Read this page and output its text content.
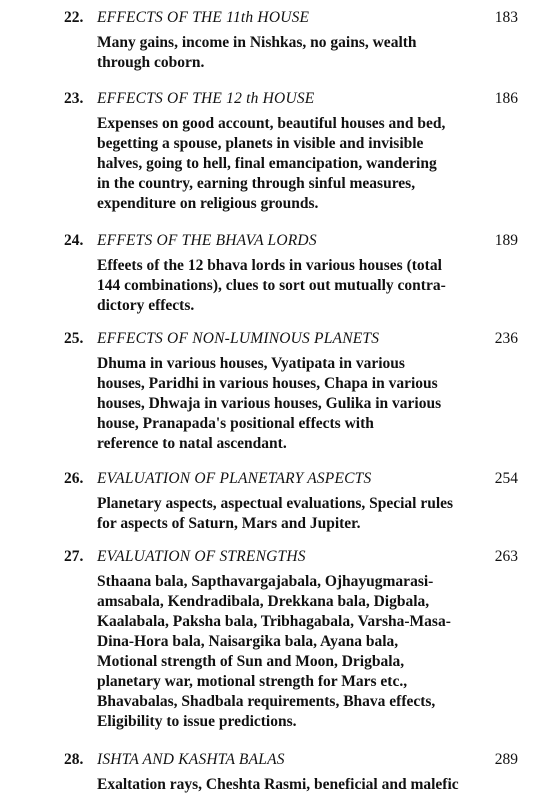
22. EFFECTS OF THE 11th HOUSE	183
Many gains, income in Nishkas, no gains, wealth
through coborn.
23. EFFECTS OF THE 12 th HOUSE	186
Expenses on good account, beautiful houses and bed,
begetting a spouse, planets in visible and invisible
halves, going to hell, final emancipation, wandering
in the country, earning through sinful measures,
expenditure on religious grounds.
24. EFFETS OF THE BHAVA LORDS	189
Effeets of the 12 bhava lords in various houses (total
144 combinations), clues to sort out mutually contra-
dictory effects.
25. EFFECTS OF NON-LUMINOUS PLANETS	236
Dhuma in various houses, Vyatipata in various
houses, Paridhi in various houses, Chapa in various
houses, Dhwaja in various houses, Gulika in various
house, Pranapada's positional effects with
reference to natal ascendant.
26. EVALUATION OF PLANETARY ASPECTS	254
Planetary aspects, aspectual evaluations, Special rules
for aspects of Saturn, Mars and Jupiter.
27. EVALUATION OF STRENGTHS	263
Sthaana bala, Sapthavargajabala, Ojhayugmarasi-
amsabala, Kendradibala, Drekkana bala, Digbala,
Kaalabala, Paksha bala, Tribhagabala, Varsha-Masa-
Dina-Hora bala, Naisargika bala, Ayana bala,
Motional strength of Sun and Moon, Drigbala,
planetary war, motional strength for Mars etc.,
Bhavabalas, Shadbala requirements, Bhava effects,
Eligibility to issue predictions.
28. ISHTA AND KASHTA BALAS	289
Exaltation rays, Cheshta Rasmi, beneficial and malefic
